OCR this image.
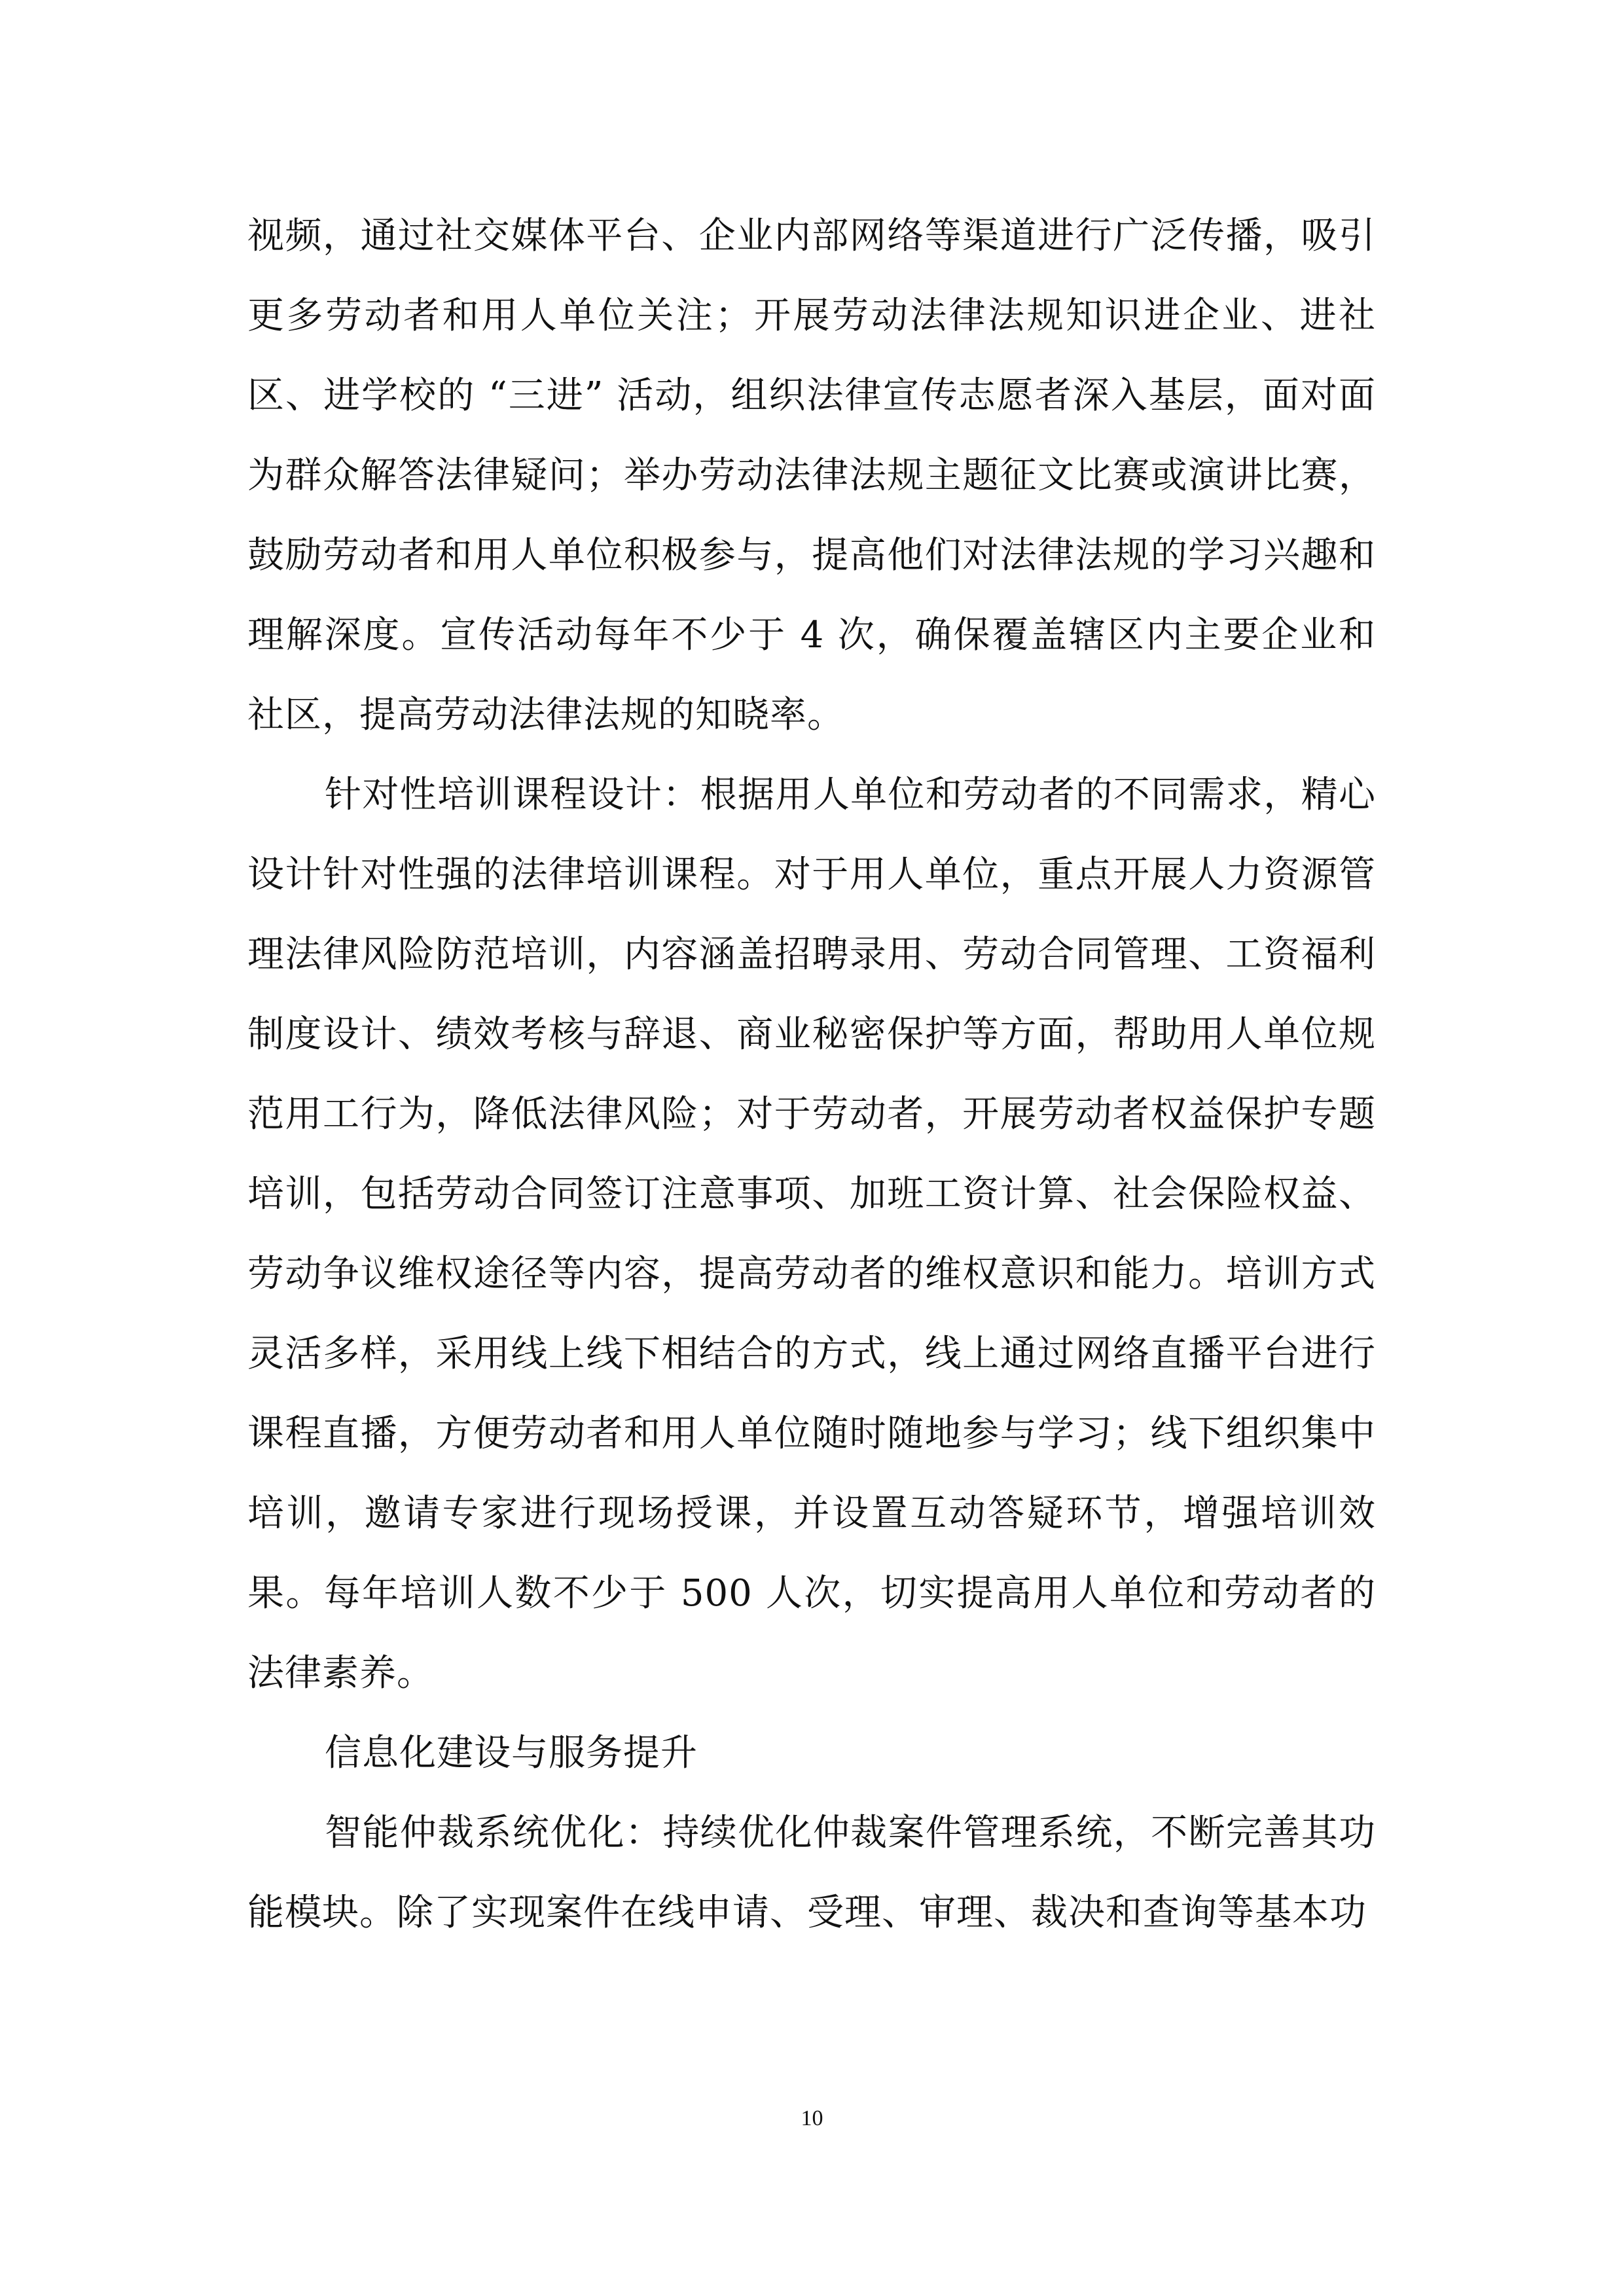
视频，通过社交媒体平台、企业内部网络等渠道进行广泛传播，吸引更多劳动者和用人单位关注；开展劳动法律法规知识进企业、进社区、进学校的 “三进” 活动，组织法律宣传志愿者深入基层，面对面为群众解答法律疑问；举办劳动法律法规主题征文比赛或演讲比赛，鼓励劳动者和用人单位积极参与，提高他们对法律法规的学习兴趣和理解深度。宣传活动每年不少于 4 次，确保覆盖辖区内主要企业和社区，提高劳动法律法规的知晓率。

针对性培训课程设计：根据用人单位和劳动者的不同需求，精心设计针对性强的法律培训课程。对于用人单位，重点开展人力资源管理法律风险防范培训，内容涵盖招聘录用、劳动合同管理、工资福利制度设计、绩效考核与辞退、商业秘密保护等方面，帮助用人单位规范用工行为，降低法律风险；对于劳动者，开展劳动者权益保护专题培训，包括劳动合同签订注意事项、加班工资计算、社会保险权益、劳动争议维权途径等内容，提高劳动者的维权意识和能力。培训方式灵活多样，采用线上线下相结合的方式，线上通过网络直播平台进行课程直播，方便劳动者和用人单位随时随地参与学习；线下组织集中培训，邀请专家进行现场授课，并设置互动答疑环节，增强培训效果。每年培训人数不少于 500 人次，切实提高用人单位和劳动者的法律素养。

信息化建设与服务提升

智能仲裁系统优化：持续优化仲裁案件管理系统，不断完善其功能模块。除了实现案件在线申请、受理、审理、裁决和查询等基本功

10
